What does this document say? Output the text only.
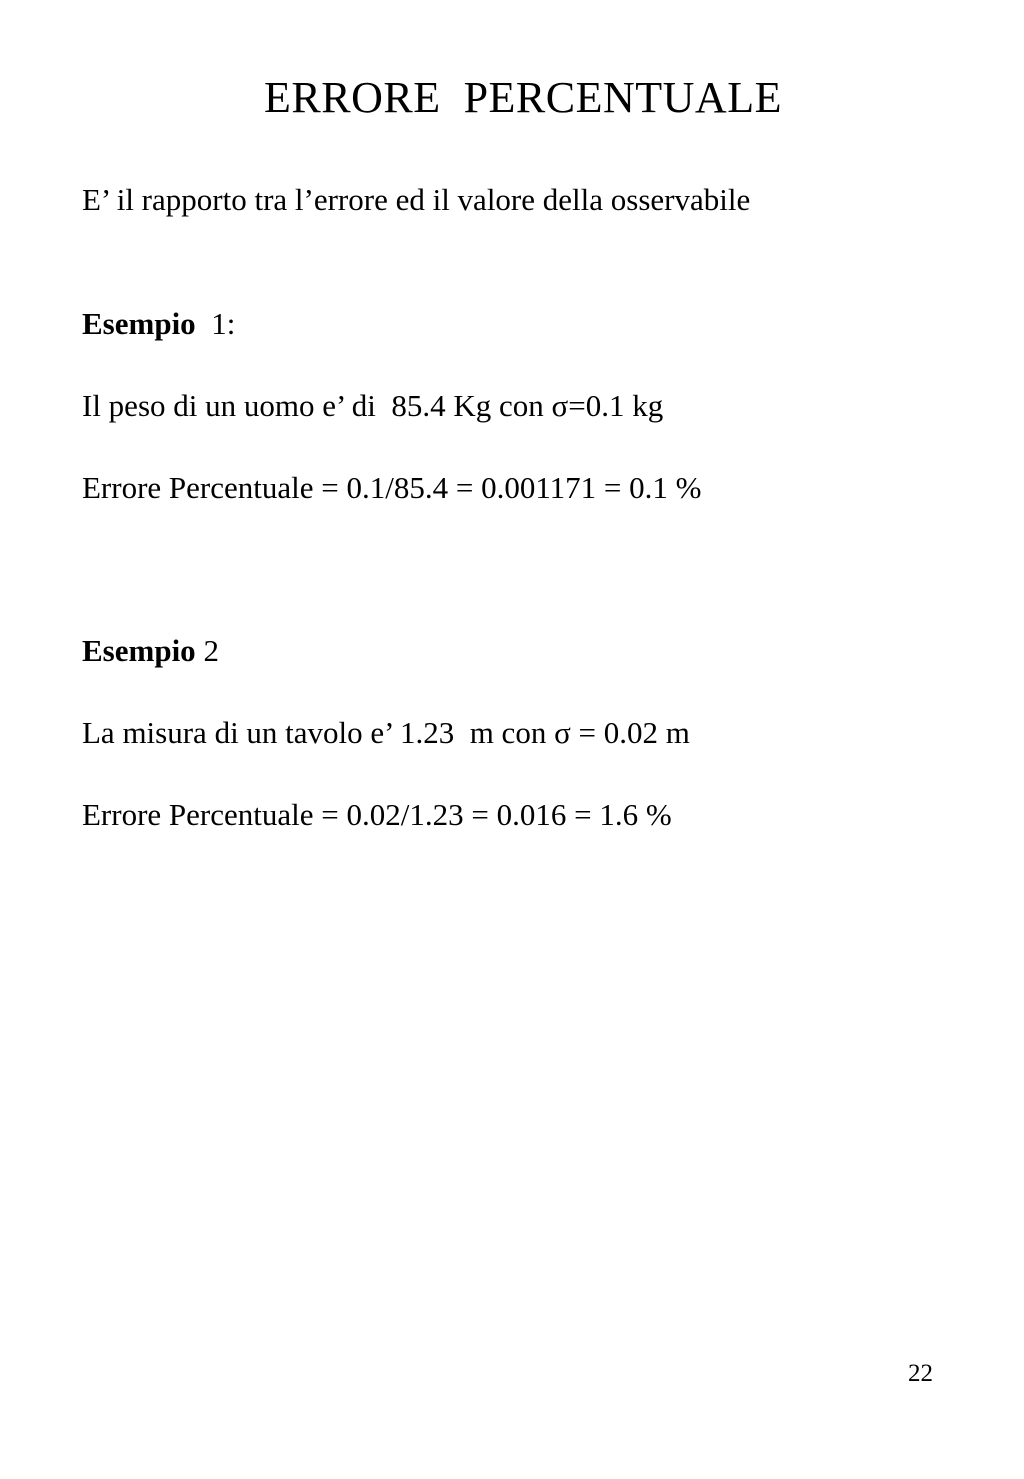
ERRORE  PERCENTUALE
E’ il rapporto tra l’errore ed il valore della osservabile
Esempio  1:
Il peso di un uomo e’ di  85.4 Kg con σ=0.1 kg
Errore Percentuale = 0.1/85.4 = 0.001171 = 0.1 %
Esempio 2
La misura di un tavolo e’ 1.23  m con σ = 0.02 m
Errore Percentuale = 0.02/1.23 = 0.016 = 1.6 %
22
